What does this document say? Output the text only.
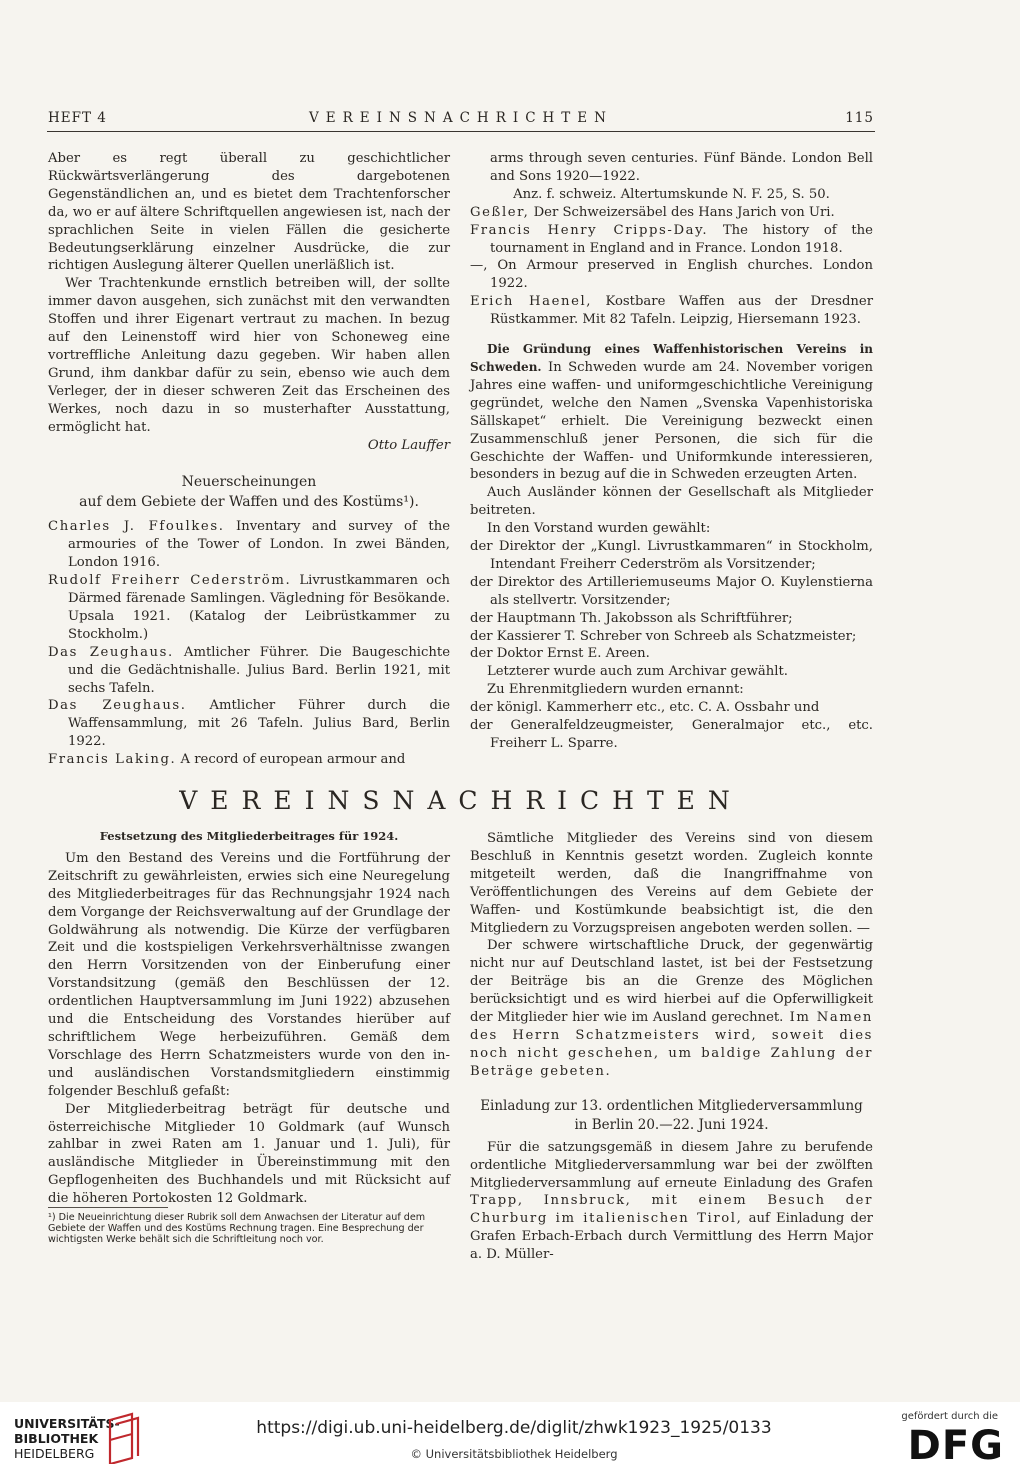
HEFT 4	VEREINSNACHRICHTEN	115

Aber es regt überall zu geschichtlicher Rückwärtsverlängerung des dargebotenen Gegenständlichen an, und es bietet dem Trachtenforscher da, wo er auf ältere Schriftquellen angewiesen ist, nach der sprachlichen Seite in vielen Fällen die gesicherte Bedeutungserklärung einzelner Ausdrücke, die zur richtigen Auslegung älterer Quellen unerläßlich ist.

Wer Trachtenkunde ernstlich betreiben will, der sollte immer davon ausgehen, sich zunächst mit den verwandten Stoffen und ihrer Eigenart vertraut zu machen. In bezug auf den Leinenstoff wird hier von Schoneweg eine vortreffliche Anleitung dazu gegeben. Wir haben allen Grund, ihm dankbar dafür zu sein, ebenso wie auch dem Verleger, der in dieser schweren Zeit das Erscheinen des Werkes, noch dazu in so musterhafter Ausstattung, ermöglicht hat.

Otto Lauffer

Neuerscheinungen

auf dem Gebiete der Waffen und des Kostüms¹).

Charles J. Ffoulkes. Inventary and survey of the armouries of the Tower of London. In zwei Bänden, London 1916.

Rudolf Freiherr Cederström. Livrustkammaren och Därmed färenade Samlingen. Vägledning för Besökande. Upsala 1921. (Katalog der Leibrüstkammer zu Stockholm.)

Das Zeughaus. Amtlicher Führer. Die Baugeschichte und die Gedächtnishalle. Julius Bard. Berlin 1921, mit sechs Tafeln.

Das Zeughaus. Amtlicher Führer durch die Waffensammlung, mit 26 Tafeln. Julius Bard, Berlin 1922.

Francis Laking. A record of european armour and

arms through seven centuries. Fünf Bände. London Bell and Sons 1920—1922.

Anz. f. schweiz. Altertumskunde N. F. 25, S. 50.

Geßler, Der Schweizersäbel des Hans Jarich von Uri.

Francis Henry Cripps-Day. The history of the tournament in England and in France. London 1918.

—, On Armour preserved in English churches. London 1922.

Erich Haenel, Kostbare Waffen aus der Dresdner Rüstkammer. Mit 82 Tafeln. Leipzig, Hiersemann 1923.

Die Gründung eines Waffenhistorischen Vereins in Schweden. In Schweden wurde am 24. November vorigen Jahres eine waffen- und uniformgeschichtliche Vereinigung gegründet, welche den Namen „Svenska Vapenhistoriska Sällskapet“ erhielt. Die Vereinigung bezweckt einen Zusammenschluß jener Personen, die sich für die Geschichte der Waffen- und Uniformkunde interessieren, besonders in bezug auf die in Schweden erzeugten Arten.

Auch Ausländer können der Gesellschaft als Mitglieder beitreten.

In den Vorstand wurden gewählt:

der Direktor der „Kungl. Livrustkammaren“ in Stockholm, Intendant Freiherr Cederström als Vorsitzender;

der Direktor des Artilleriemuseums Major O. Kuylenstierna als stellvertr. Vorsitzender;

der Hauptmann Th. Jakobsson als Schriftführer;

der Kassierer T. Schreber von Schreeb als Schatzmeister;

der Doktor Ernst E. Areen.

Letzterer wurde auch zum Archivar gewählt.

Zu Ehrenmitgliedern wurden ernannt:

der königl. Kammerherr etc., etc. C. A. Ossbahr und

der Generalfeldzeugmeister, Generalmajor etc., etc. Freiherr L. Sparre.

VEREINSNACHRICHTEN

Festsetzung des Mitgliederbeitrages für 1924.

Um den Bestand des Vereins und die Fortführung der Zeitschrift zu gewährleisten, erwies sich eine Neuregelung des Mitgliederbeitrages für das Rechnungsjahr 1924 nach dem Vorgange der Reichsverwaltung auf der Grundlage der Goldwährung als notwendig. Die Kürze der verfügbaren Zeit und die kostspieligen Verkehrsverhältnisse zwangen den Herrn Vorsitzenden von der Einberufung einer Vorstandsitzung (gemäß den Beschlüssen der 12. ordentlichen Hauptversammlung im Juni 1922) abzusehen und die Entscheidung des Vorstandes hierüber auf schriftlichem Wege herbeizuführen. Gemäß dem Vorschlage des Herrn Schatzmeisters wurde von den in- und ausländischen Vorstandsmitgliedern einstimmig folgender Beschluß gefaßt:

Der Mitgliederbeitrag beträgt für deutsche und österreichische Mitglieder 10 Goldmark (auf Wunsch zahlbar in zwei Raten am 1. Januar und 1. Juli), für ausländische Mitglieder in Übereinstimmung mit den Gepflogenheiten des Buchhandels und mit Rücksicht auf die höheren Portokosten 12 Goldmark.

¹) Die Neueinrichtung dieser Rubrik soll dem Anwachsen der Literatur auf dem Gebiete der Waffen und des Kostüms Rechnung tragen. Eine Besprechung der wichtigsten Werke behält sich die Schriftleitung noch vor.

Sämtliche Mitglieder des Vereins sind von diesem Beschluß in Kenntnis gesetzt worden. Zugleich konnte mitgeteilt werden, daß die Inangriffnahme von Veröffentlichungen des Vereins auf dem Gebiete der Waffen- und Kostümkunde beabsichtigt ist, die den Mitgliedern zu Vorzugspreisen angeboten werden sollen. —

Der schwere wirtschaftliche Druck, der gegenwärtig nicht nur auf Deutschland lastet, ist bei der Festsetzung der Beiträge bis an die Grenze des Möglichen berücksichtigt und es wird hierbei auf die Opferwilligkeit der Mitglieder hier wie im Ausland gerechnet. Im Namen des Herrn Schatzmeisters wird, soweit dies noch nicht geschehen, um baldige Zahlung der Beträge gebeten.

Einladung zur 13. ordentlichen Mitgliederversammlung

in Berlin 20.—22. Juni 1924.

Für die satzungsgemäß in diesem Jahre zu berufende ordentliche Mitgliederversammlung war bei der zwölften Mitgliederversammlung auf erneute Einladung des Grafen Trapp, Innsbruck, mit einem Besuch der Churburg im italienischen Tirol, auf Einladung der Grafen Erbach-Erbach durch Vermittlung des Herrn Major a. D. Müller-

UNIVERSITÄTS-
BIBLIOTHEK
HEIDELBERG
https://digi.ub.uni-heidelberg.de/diglit/zhwk1923_1925/0133
© Universitätsbibliothek Heidelberg
gefördert durch die
DFG
